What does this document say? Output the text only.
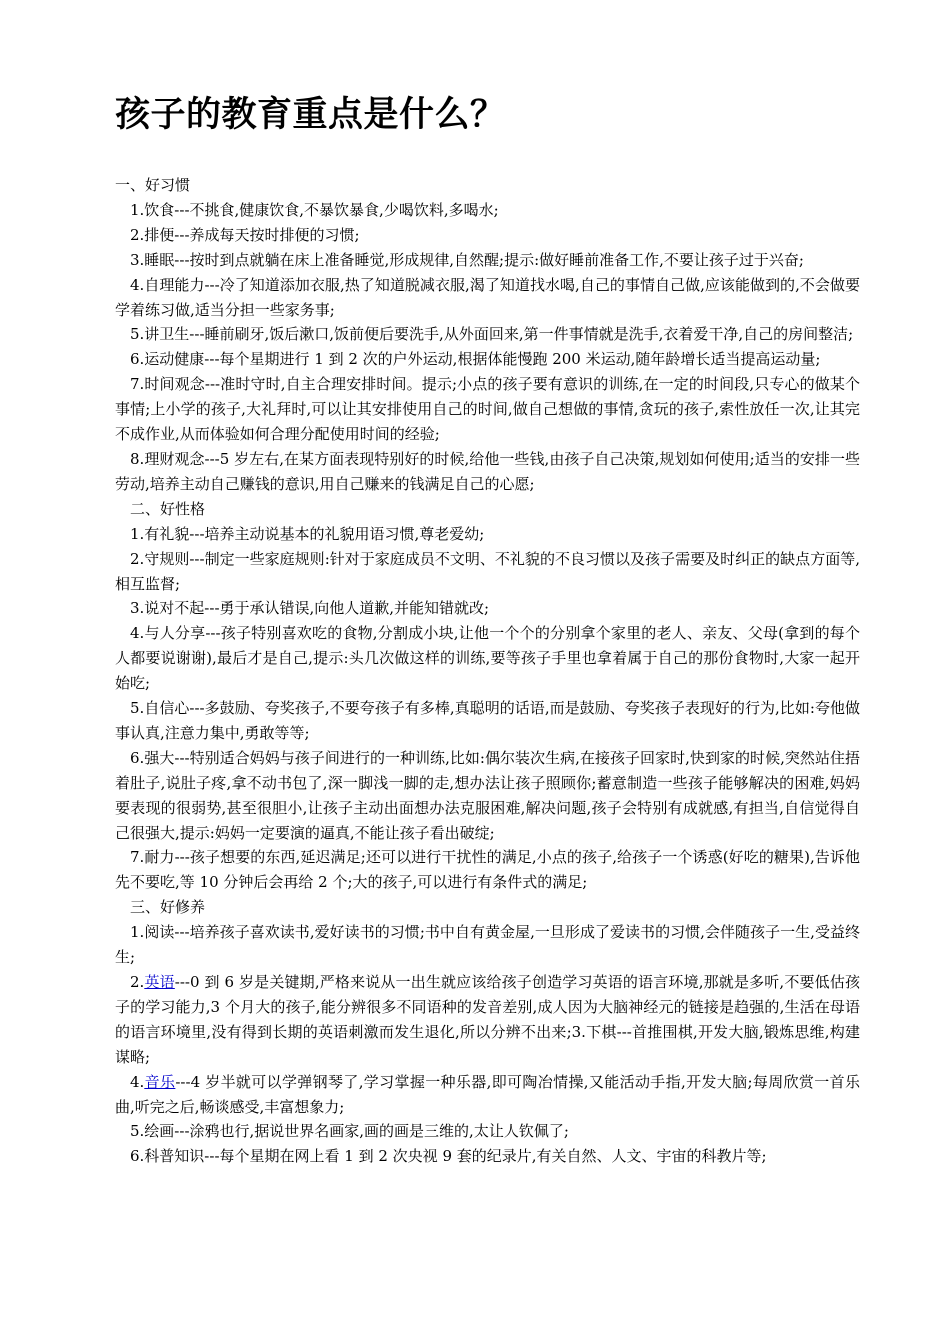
孩子的教育重点是什么？
一、好习惯

1.饮食---不挑食,健康饮食,不暴饮暴食,少喝饮料,多喝水;

2.排便---养成每天按时排便的习惯;

3.睡眠---按时到点就躺在床上准备睡觉,形成规律,自然醒;提示:做好睡前准备工作,不要让孩子过于兴奋;

4.自理能力---冷了知道添加衣服,热了知道脱减衣服,渴了知道找水喝,自己的事情自己做,应该能做到的,不会做要学着练习做,适当分担一些家务事;

5.讲卫生---睡前刷牙,饭后漱口,饭前便后要洗手,从外面回来,第一件事情就是洗手,衣着爱干净,自己的房间整洁;

6.运动健康---每个星期进行 1 到 2 次的户外运动,根据体能慢跑 200 米运动,随年龄增长适当提高运动量;

7.时间观念---准时守时,自主合理安排时间。提示;小点的孩子要有意识的训练,在一定的时间段,只专心的做某个事情;上小学的孩子,大礼拜时,可以让其安排使用自己的时间,做自己想做的事情,贪玩的孩子,索性放任一次,让其完不成作业,从而体验如何合理分配使用时间的经验;

8.理财观念---5 岁左右,在某方面表现特别好的时候,给他一些钱,由孩子自己决策,规划如何使用;适当的安排一些劳动,培养主动自己赚钱的意识,用自己赚来的钱满足自己的心愿;

二、好性格

1.有礼貌---培养主动说基本的礼貌用语习惯,尊老爱幼;

2.守规则---制定一些家庭规则:针对于家庭成员不文明、不礼貌的不良习惯以及孩子需要及时纠正的缺点方面等,相互监督;

3.说对不起---勇于承认错误,向他人道歉,并能知错就改;

4.与人分享---孩子特别喜欢吃的食物,分割成小块,让他一个个的分别拿个家里的老人、亲友、父母(拿到的每个人都要说谢谢),最后才是自己,提示:头几次做这样的训练,要等孩子手里也拿着属于自己的那份食物时,大家一起开始吃;

5.自信心---多鼓励、夸奖孩子,不要夸孩子有多棒,真聪明的话语,而是鼓励、夸奖孩子表现好的行为,比如:夸他做事认真,注意力集中,勇敢等等;

6.强大---特别适合妈妈与孩子间进行的一种训练,比如:偶尔装次生病,在接孩子回家时,快到家的时候,突然站住捂着肚子,说肚子疼,拿不动书包了,深一脚浅一脚的走,想办法让孩子照顾你;蓄意制造一些孩子能够解决的困难,妈妈要表现的很弱势,甚至很胆小,让孩子主动出面想办法克服困难,解决问题,孩子会特别有成就感,有担当,自信觉得自己很强大,提示:妈妈一定要演的逼真,不能让孩子看出破绽;

7.耐力---孩子想要的东西,延迟满足;还可以进行干扰性的满足,小点的孩子,给孩子一个诱惑(好吃的糖果),告诉他先不要吃,等 10 分钟后会再给 2 个;大的孩子,可以进行有条件式的满足;

三、好修养

1.阅读---培养孩子喜欢读书,爱好读书的习惯;书中自有黄金屋,一旦形成了爱读书的习惯,会伴随孩子一生,受益终生;

2.英语---0 到 6 岁是关键期,严格来说从一出生就应该给孩子创造学习英语的语言环境,那就是多听,不要低估孩子的学习能力,3 个月大的孩子,能分辨很多不同语种的发音差别,成人因为大脑神经元的链接是趋强的,生活在母语的语言环境里,没有得到长期的英语刺激而发生退化,所以分辨不出来;3.下棋---首推围棋,开发大脑,锻炼思维,构建谋略;

4.音乐---4 岁半就可以学弹钢琴了,学习掌握一种乐器,即可陶冶情操,又能活动手指,开发大脑;每周欣赏一首乐曲,听完之后,畅谈感受,丰富想象力;

5.绘画---涂鸦也行,据说世界名画家,画的画是三维的,太让人钦佩了;

6.科普知识---每个星期在网上看 1 到 2 次央视 9 套的纪录片,有关自然、人文、宇宙的科教片等;
